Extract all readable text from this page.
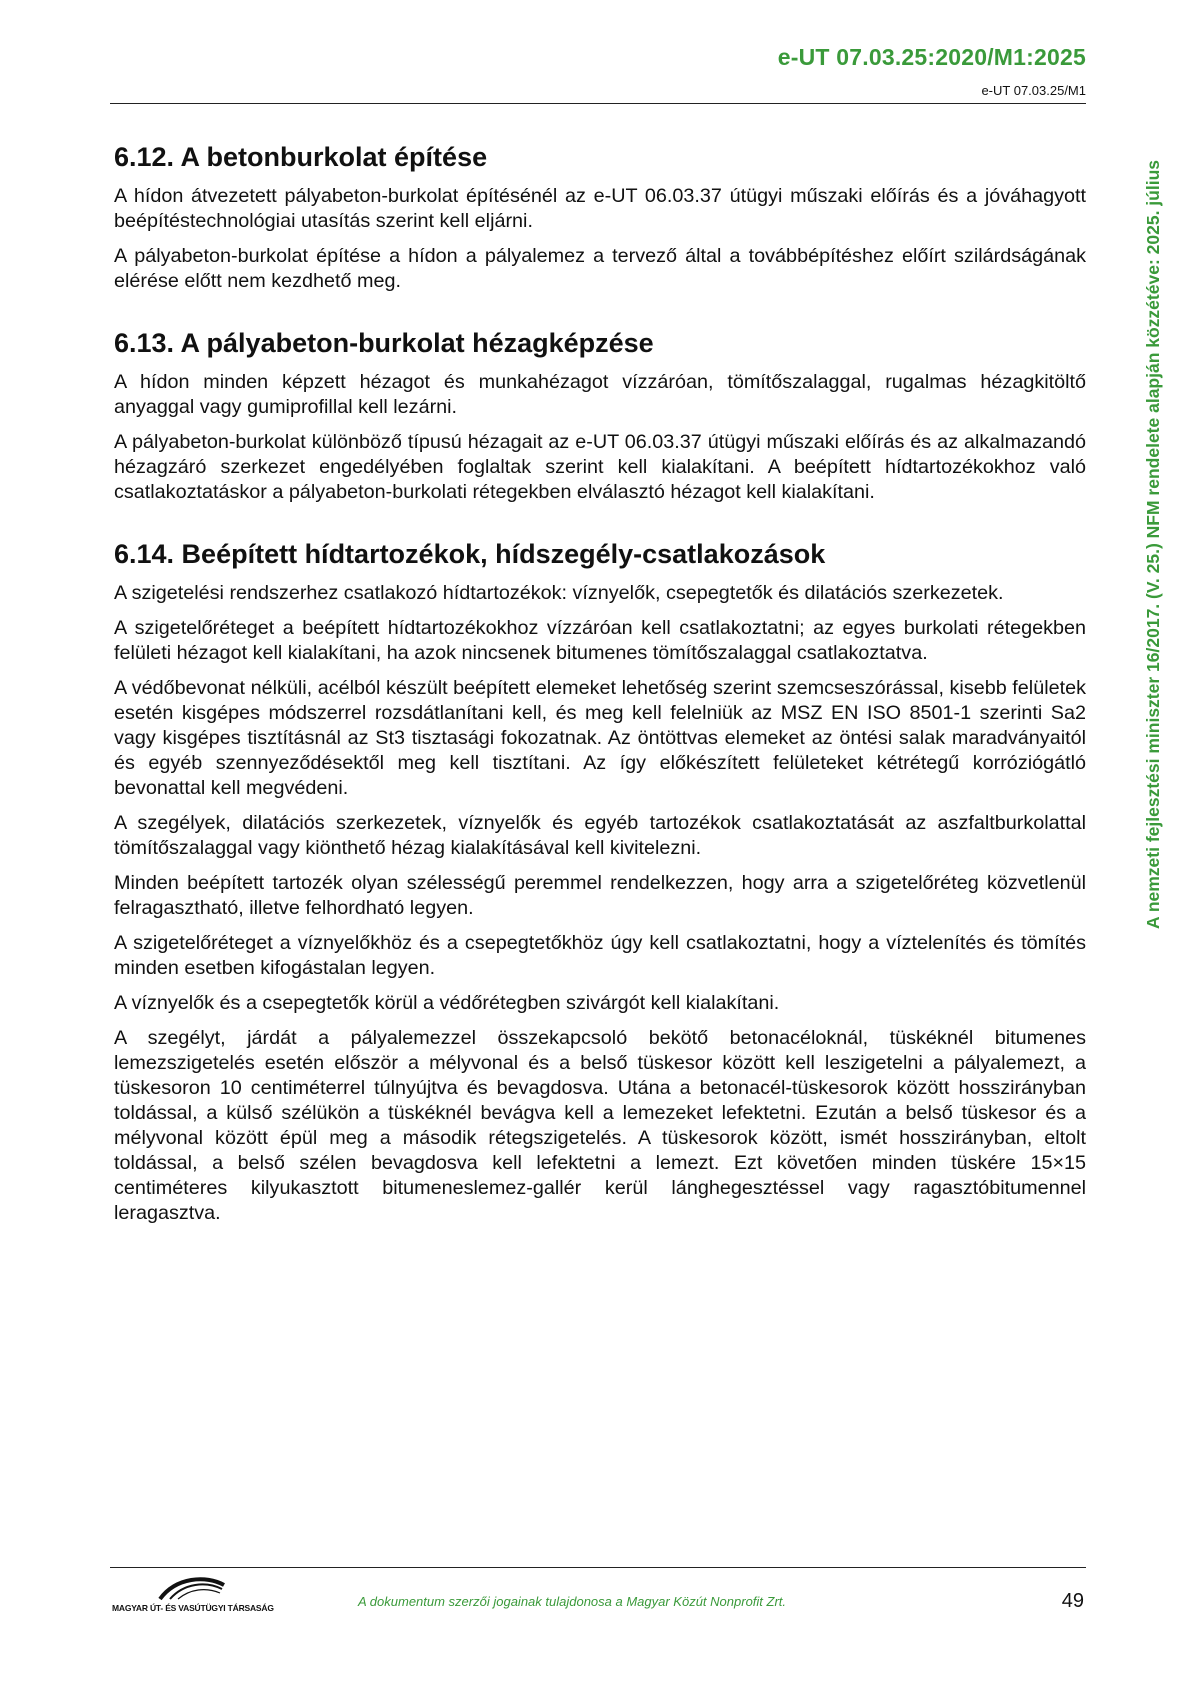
e-UT 07.03.25:2020/M1:2025
e-UT 07.03.25/M1
A nemzeti fejlesztési miniszter 16/2017. (V. 25.) NFM rendelete alapján közzétéve: 2025. július
6.12. A betonburkolat építése

A hídon átvezetett pályabeton-burkolat építésénél az e-UT 06.03.37 útügyi műszaki előírás és a jóváhagyott beépítéstechnológiai utasítás szerint kell eljárni.

A pályabeton-burkolat építése a hídon a pályalemez a tervező által a továbbépítéshez előírt szilárdságának elérése előtt nem kezdhető meg.

6.13. A pályabeton-burkolat hézagképzése

A hídon minden képzett hézagot és munkahézagot vízzáróan, tömítőszalaggal, rugalmas hézagkitöltő anyaggal vagy gumiprofillal kell lezárni.

A pályabeton-burkolat különböző típusú hézagait az e-UT 06.03.37 útügyi műszaki előírás és az alkalmazandó hézagzáró szerkezet engedélyében foglaltak szerint kell kialakítani. A beépített hídtartozékokhoz való csatlakoztatáskor a pályabeton-burkolati rétegekben elválasztó hézagot kell kialakítani.

6.14. Beépített hídtartozékok, hídszegély-csatlakozások

A szigetelési rendszerhez csatlakozó hídtartozékok: víznyelők, csepegtetők és dilatációs szerkezetek.

A szigetelőréteget a beépített hídtartozékokhoz vízzáróan kell csatlakoztatni; az egyes burkolati rétegekben felületi hézagot kell kialakítani, ha azok nincsenek bitumenes tömítőszalaggal csatlakoztatva.

A védőbevonat nélküli, acélból készült beépített elemeket lehetőség szerint szemcseszórással, kisebb felületek esetén kisgépes módszerrel rozsdátlanítani kell, és meg kell felelniük az MSZ EN ISO 8501-1 szerinti Sa2 vagy kisgépes tisztításnál az St3 tisztasági fokozatnak. Az öntöttvas elemeket az öntési salak maradványaitól és egyéb szennyeződésektől meg kell tisztítani. Az így előkészített felületeket kétrétegű korróziógátló bevonattal kell megvédeni.

A szegélyek, dilatációs szerkezetek, víznyelők és egyéb tartozékok csatlakoztatását az aszfaltburkolattal tömítőszalaggal vagy kiönthető hézag kialakításával kell kivitelezni.

Minden beépített tartozék olyan szélességű peremmel rendelkezzen, hogy arra a szigetelőréteg közvetlenül felragasztható, illetve felhordható legyen.

A szigetelőréteget a víznyelőkhöz és a csepegtetőkhöz úgy kell csatlakoztatni, hogy a víztelenítés és tömítés minden esetben kifogástalan legyen.

A víznyelők és a csepegtetők körül a védőrétegben szivárgót kell kialakítani.

A szegélyt, járdát a pályalemezzel összekapcsoló bekötő betonacéloknál, tüskéknél bitumenes lemezszigetelés esetén először a mélyvonal és a belső tüskesor között kell leszigetelni a pályalemezt, a tüskesoron 10 centiméterrel túlnyújtva és bevagdosva. Utána a betonacél-tüskesorok között hosszirányban toldással, a külső szélükön a tüskéknél bevágva kell a lemezeket lefektetni. Ezután a belső tüskesor és a mélyvonal között épül meg a második rétegszigetelés. A tüskesorok között, ismét hosszirányban, eltolt toldással, a belső szélen bevagdosva kell lefektetni a lemezt. Ezt követően minden tüskére 15×15 centiméteres kilyukasztott bitumeneslemez-gallér kerül lánghegesztéssel vagy ragasztóbitumennel leragasztva.

MAGYAR ÚT- ÉS VASÚTÜGYI TÁRSASÁG	A dokumentum szerzői jogainak tulajdonosa a Magyar Közút Nonprofit Zrt.	49
